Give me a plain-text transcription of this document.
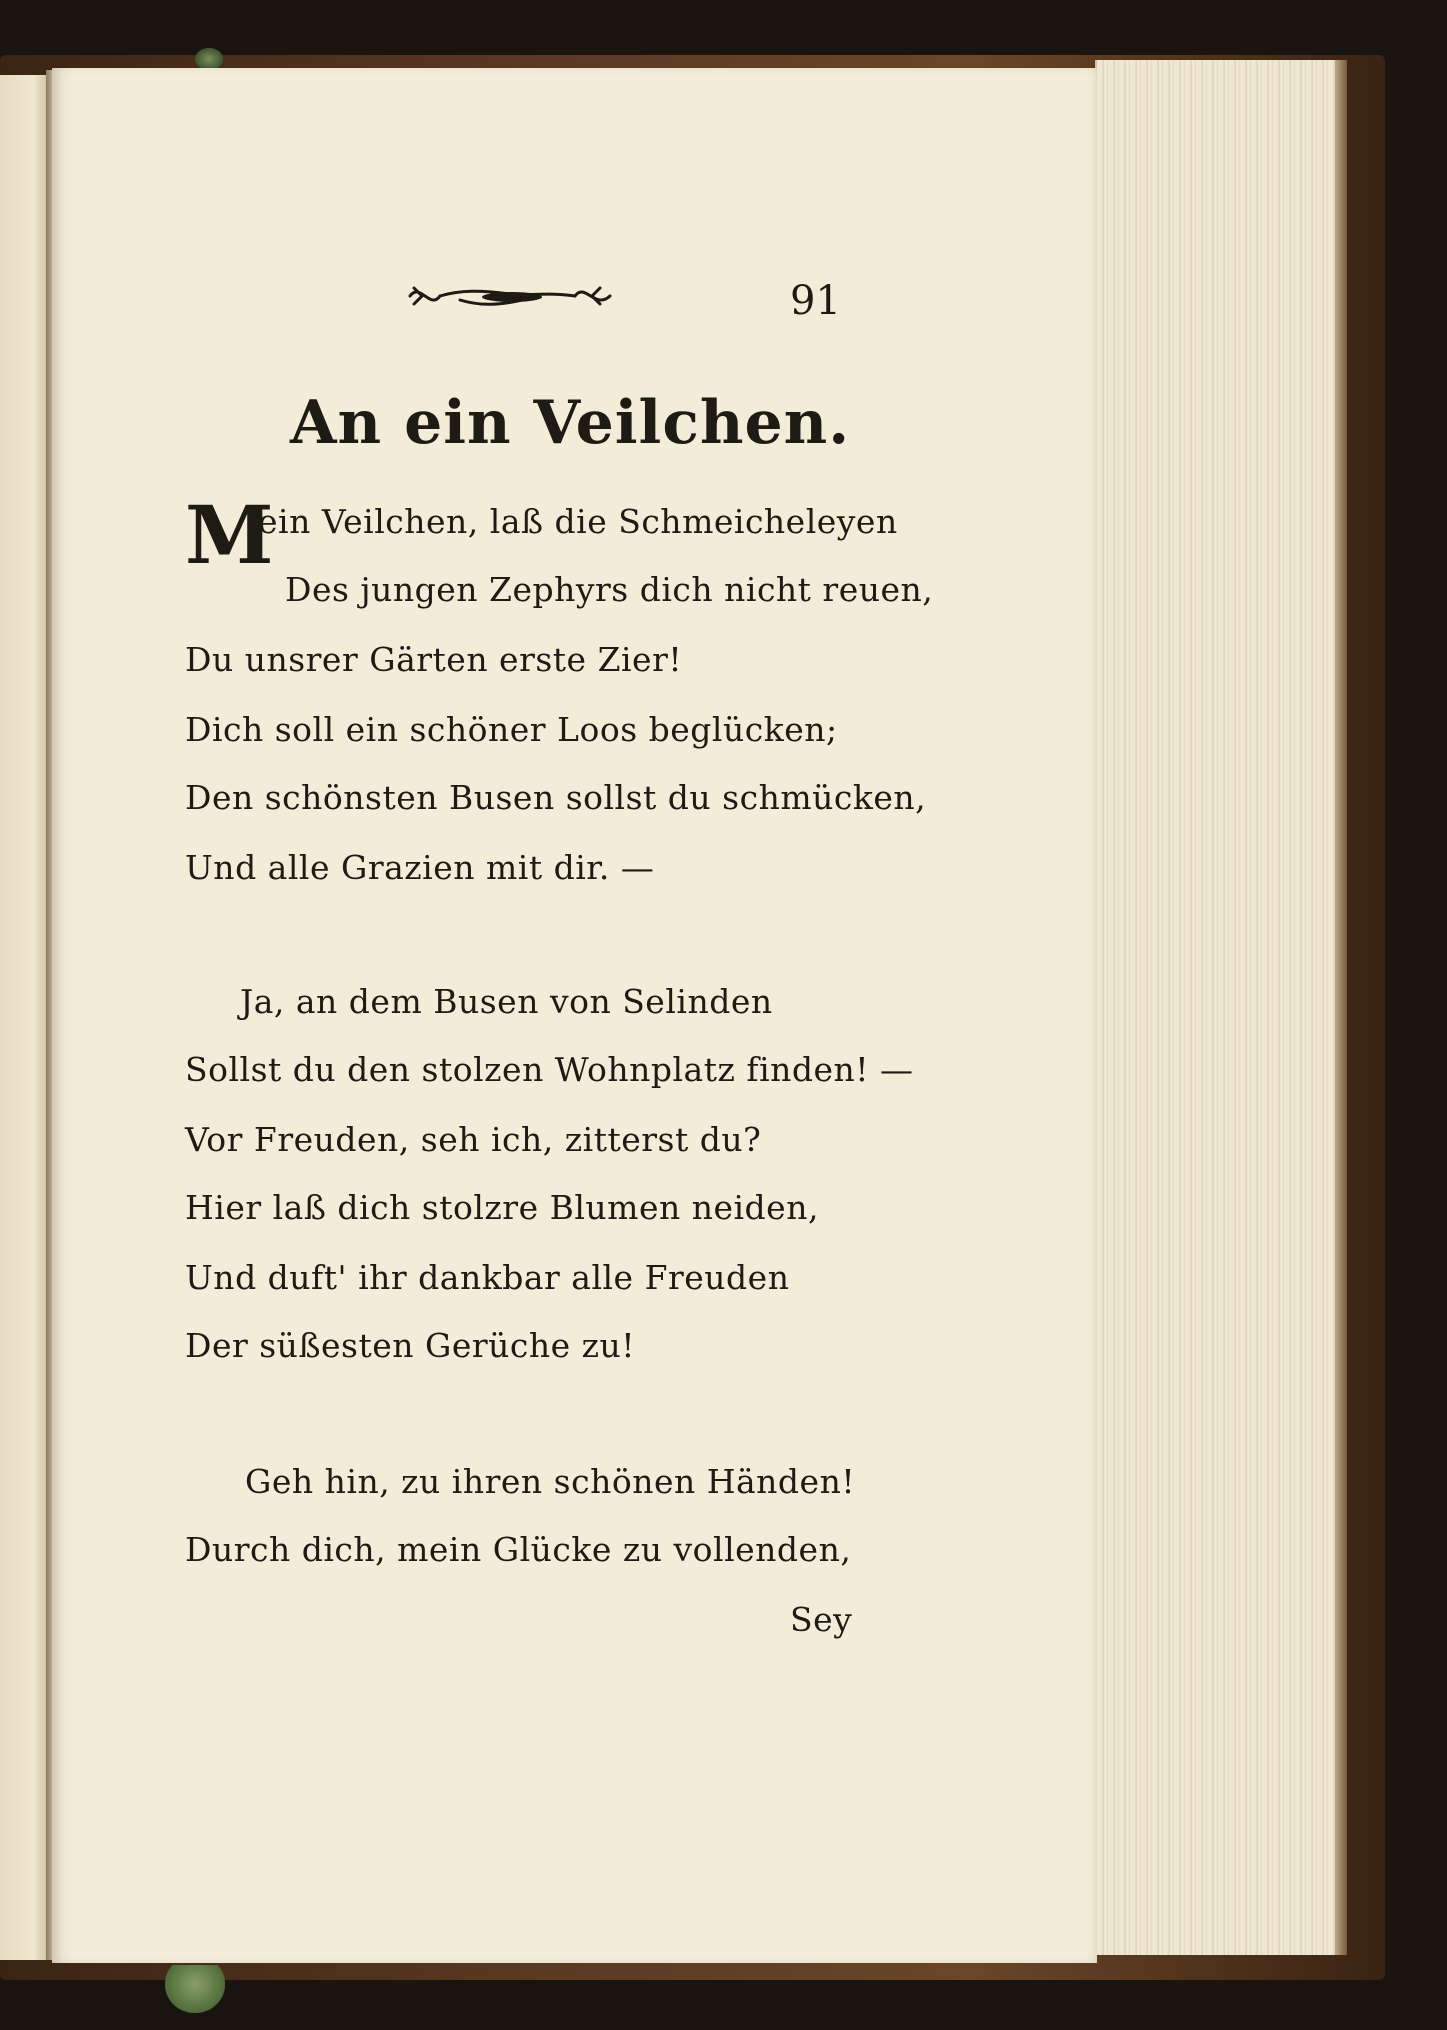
91
An ein Veilchen.
M
ein Veilchen, laß die Schmeicheleyen
Des jungen Zephyrs dich nicht reuen,
Du unsrer Gärten erste Zier!
Dich soll ein schöner Loos beglücken;
Den schönsten Busen sollst du schmücken,
Und alle Grazien mit dir. —
Ja, an dem Busen von Selinden
Sollst du den stolzen Wohnplatz finden! —
Vor Freuden, seh ich, zitterst du?
Hier laß dich stolzre Blumen neiden,
Und duft' ihr dankbar alle Freuden
Der süßesten Gerüche zu!
Geh hin, zu ihren schönen Händen!
Durch dich, mein Glücke zu vollenden,
Sey
